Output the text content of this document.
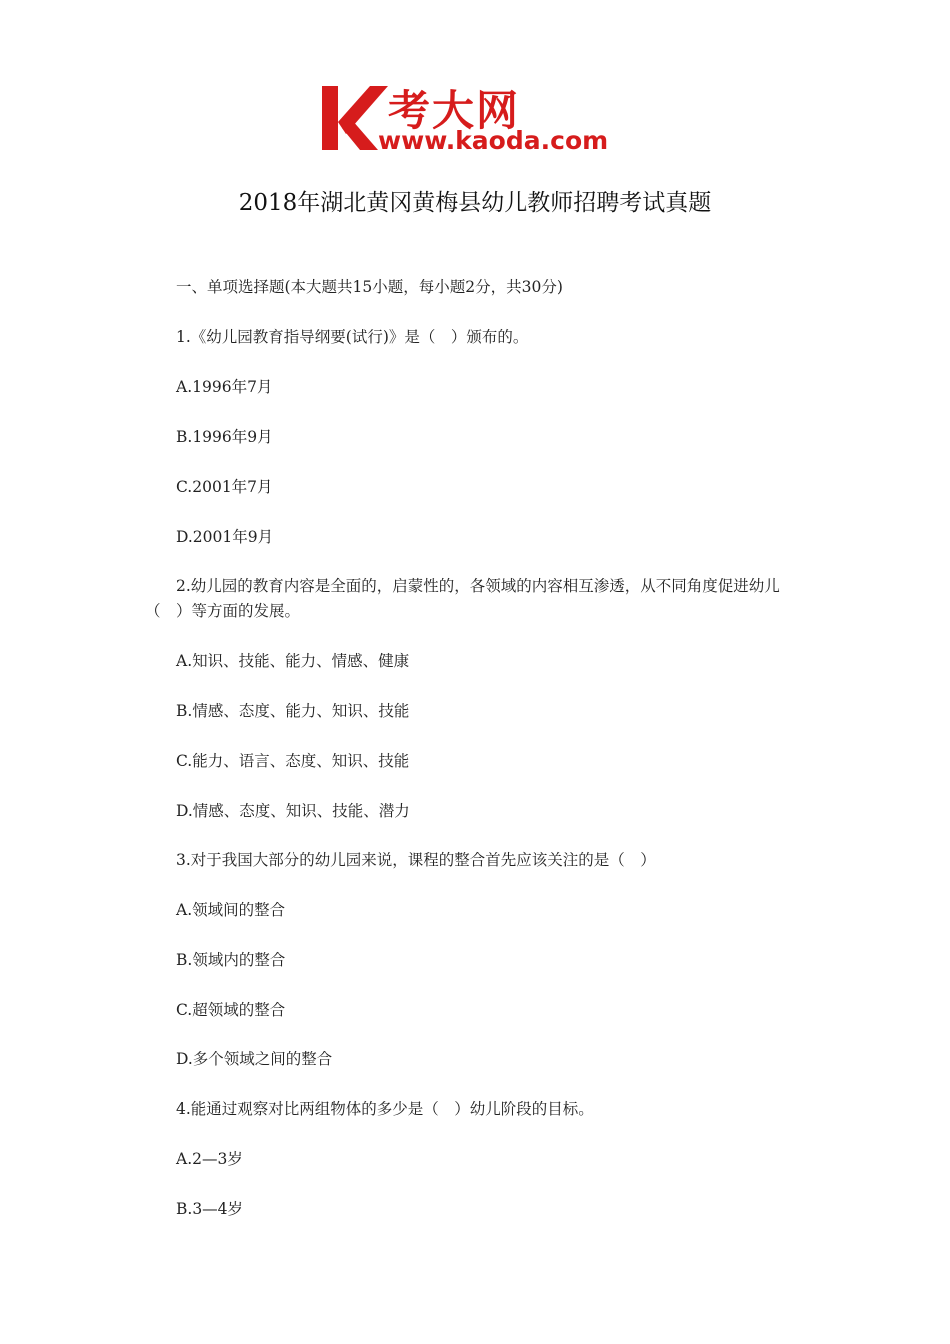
考大网
www.kaoda.com
2018年湖北黄冈黄梅县幼儿教师招聘考试真题
一、单项选择题(本大题共15小题，每小题2分，共30分)
1.《幼儿园教育指导纲要(试行)》是（　）颁布的。
A.1996年7月
B.1996年9月
C.2001年7月
D.2001年9月
2.幼儿园的教育内容是全面的，启蒙性的，各领域的内容相互渗透，从不同角度促进幼儿（　）等方面的发展。
A.知识、技能、能力、情感、健康
B.情感、态度、能力、知识、技能
C.能力、语言、态度、知识、技能
D.情感、态度、知识、技能、潜力
3.对于我国大部分的幼儿园来说，课程的整合首先应该关注的是（　）
A.领域间的整合
B.领域内的整合
C.超领域的整合
D.多个领域之间的整合
4.能通过观察对比两组物体的多少是（　）幼儿阶段的目标。
A.2—3岁
B.3—4岁
